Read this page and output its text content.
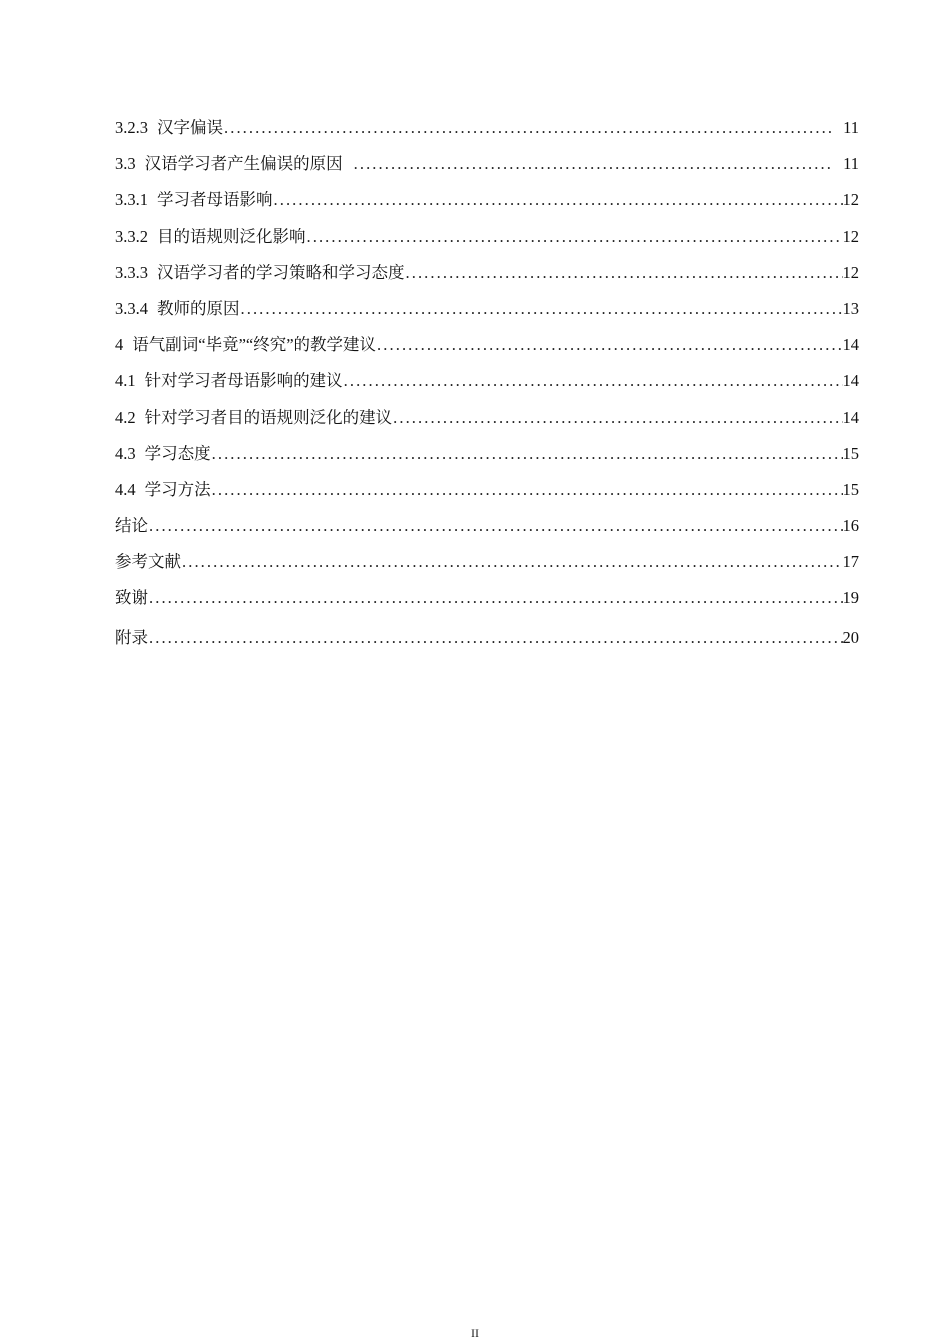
3.2.3 汉字偏误 .....	11
3.3 汉语学习者产生偏误的原因 .....	11
3.3.1 学习者母语影响 .....	12
3.3.2 目的语规则泛化影响 .....	12
3.3.3 汉语学习者的学习策略和学习态度 .....	12
3.3.4 教师的原因 .....	13
4 语气副词“毕竟”“终究”的教学建议 .....	14
4.1 针对学习者母语影响的建议 .....	14
4.2 针对学习者目的语规则泛化的建议 .....	14
4.3 学习态度 .....	15
4.4 学习方法 .....	15
结论 .....	16
参考文献 .....	17
致谢 .....	19
附录 .....	20
II
